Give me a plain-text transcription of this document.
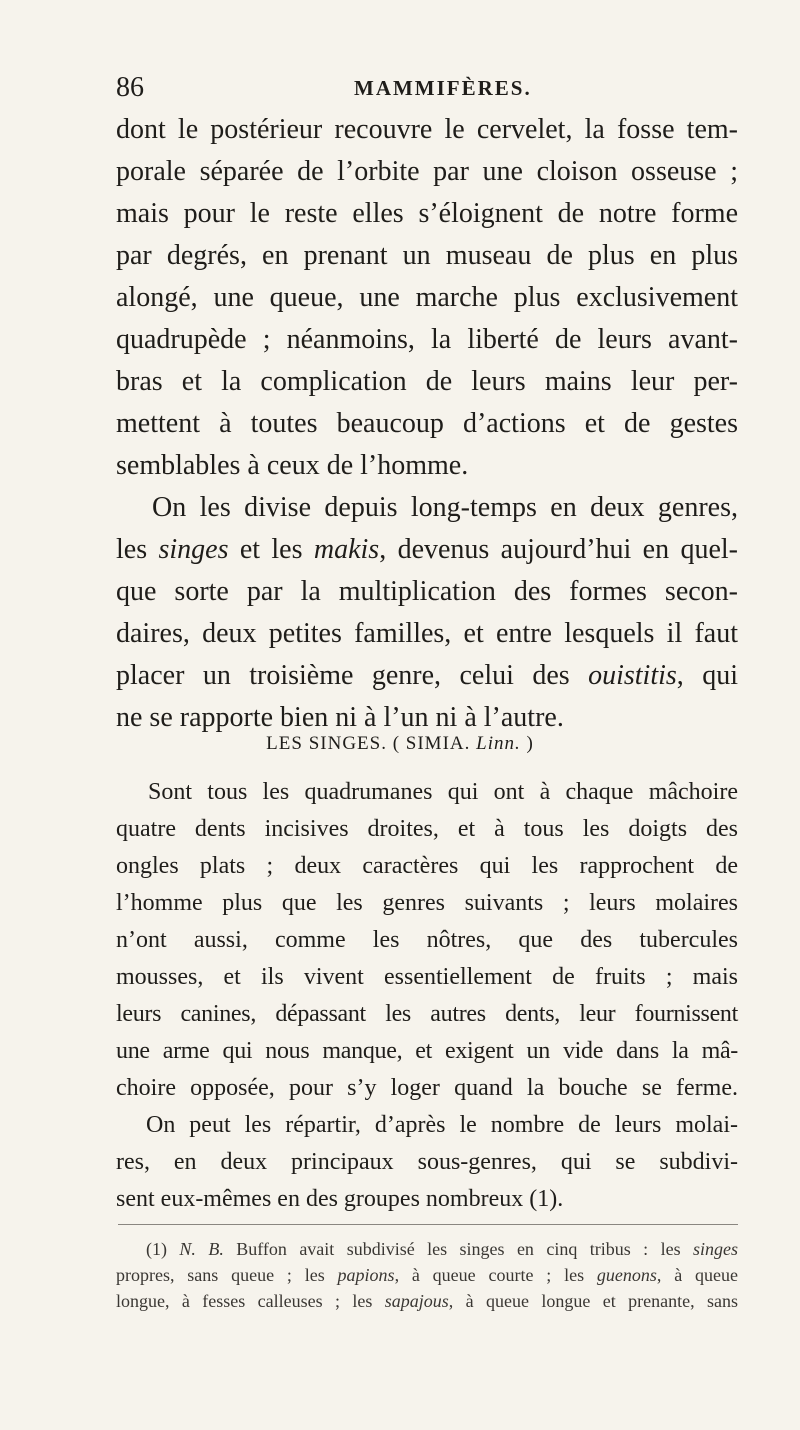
86	MAMMIFÈRES.
dont le postérieur recouvre le cervelet, la fosse tem-
porale séparée de l’orbite par une cloison osseuse ;
mais pour le reste elles s’éloignent de notre forme
par degrés, en prenant un museau de plus en plus
alongé, une queue, une marche plus exclusivement
quadrupède ; néanmoins, la liberté de leurs avant-
bras et la complication de leurs mains leur per-
mettent à toutes beaucoup d’actions et de gestes
semblables à ceux de l’homme.
On les divise depuis long-temps en deux genres,
les singes et les makis, devenus aujourd’hui en quel-
que sorte par la multiplication des formes secon-
daires, deux petites familles, et entre lesquels il faut
placer un troisième genre, celui des ouistitis, qui
ne se rapporte bien ni à l’un ni à l’autre.
LES SINGES. ( SIMIA. Linn. )
Sont tous les quadrumanes qui ont à chaque mâchoire
quatre dents incisives droites, et à tous les doigts des
ongles plats ; deux caractères qui les rapprochent de
l’homme plus que les genres suivants ; leurs molaires
n’ont aussi, comme les nôtres, que des tubercules
mousses, et ils vivent essentiellement de fruits ; mais
leurs canines, dépassant les autres dents, leur fournissent
une arme qui nous manque, et exigent un vide dans la mâ-
choire opposée, pour s’y loger quand la bouche se ferme.
On peut les répartir, d’après le nombre de leurs molai-
res, en deux principaux sous-genres, qui se subdivi-
sent eux-mêmes en des groupes nombreux (1).
(1) N. B. Buffon avait subdivisé les singes en cinq tribus : les singes
propres, sans queue ; les papions, à queue courte ; les guenons, à queue
longue, à fesses calleuses ; les sapajous, à queue longue et prenante, sans
